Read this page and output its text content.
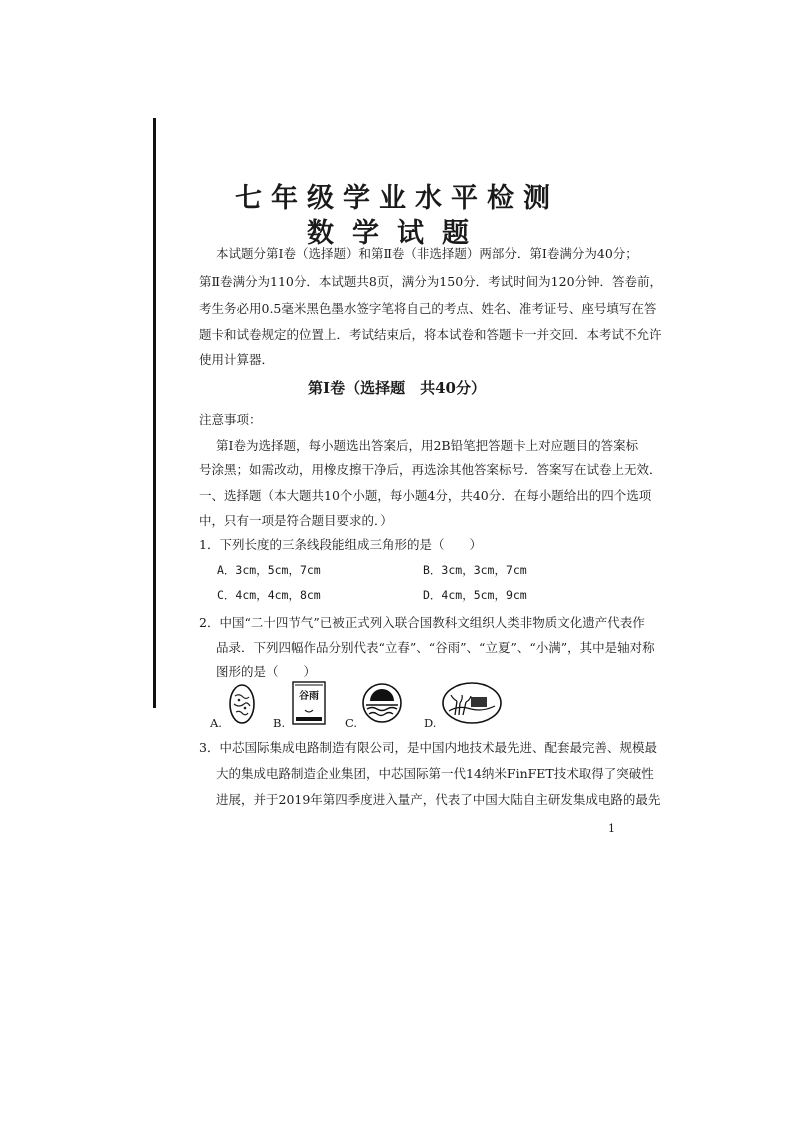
七年级学业水平检测
数学试题
本试题分第Ⅰ卷（选择题）和第Ⅱ卷（非选择题）两部分．第Ⅰ卷满分为40分；
第Ⅱ卷满分为110分．本试题共8页，满分为150分．考试时间为120分钟．答卷前，
考生务必用0.5毫米黑色墨水签字笔将自己的考点、姓名、准考证号、座号填写在答
题卡和试卷规定的位置上．考试结束后，将本试卷和答题卡一并交回．本考试不允许
使用计算器．
第Ⅰ卷（选择题　共40分）
注意事项：
第Ⅰ卷为选择题，每小题选出答案后，用2B铅笔把答题卡上对应题目的答案标
号涂黑；如需改动，用橡皮擦干净后，再选涂其他答案标号．答案写在试卷上无效．
一、选择题（本大题共10个小题，每小题4分，共40分．在每小题给出的四个选项
中，只有一项是符合题目要求的．）
1．下列长度的三条线段能组成三角形的是（　　）
A．3cm，5cm，7cm	B．3cm，3cm，7cm
C．4cm，4cm，8cm	D．4cm，5cm，9cm
2．中国“二十四节气”已被正式列入联合国教科文组织人类非物质文化遗产代表作
品录．下列四幅作品分别代表“立春”、“谷雨”、“立夏”、“小满”，其中是轴对称
图形的是（　　）
A.	B.
谷雨
C.	D.
3．中芯国际集成电路制造有限公司，是中国内地技术最先进、配套最完善、规模最
大的集成电路制造企业集团，中芯国际第一代14纳米FinFET技术取得了突破性
进展，并于2019年第四季度进入量产，代表了中国大陆自主研发集成电路的最先
1
